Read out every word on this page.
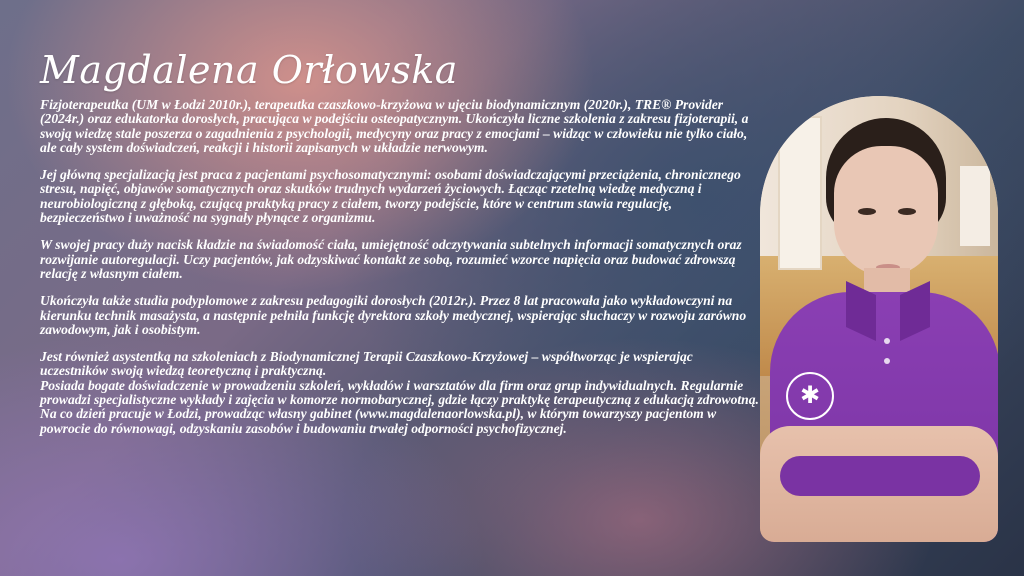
Magdalena Orłowska

Fizjoterapeutka (UM w Łodzi 2010r.), terapeutka czaszkowo-krzyżowa w ujęciu biodynamicznym (2020r.), TRE® Provider (2024r.) oraz edukatorka dorosłych, pracująca w podejściu osteopatycznym. Ukończyła liczne szkolenia z zakresu fizjoterapii, a swoją wiedzę stale poszerza o zagadnienia z psychologii, medycyny oraz pracy z emocjami – widząc w człowieku nie tylko ciało, ale cały system doświadczeń, reakcji i historii zapisanych w układzie nerwowym.

Jej główną specjalizacją jest praca z pacjentami psychosomatycznymi: osobami doświadczającymi przeciążenia, chronicznego stresu, napięć, objawów somatycznych oraz skutków trudnych wydarzeń życiowych. Łącząc rzetelną wiedzę medyczną i neurobiologiczną z głęboką, czującą praktyką pracy z ciałem, tworzy podejście, które w centrum stawia regulację, bezpieczeństwo i uważność na sygnały płynące z organizmu.

W swojej pracy duży nacisk kładzie na świadomość ciała, umiejętność odczytywania subtelnych informacji somatycznych oraz rozwijanie autoregulacji. Uczy pacjentów, jak odzyskiwać kontakt ze sobą, rozumieć wzorce napięcia oraz budować zdrowszą relację z własnym ciałem.

Ukończyła także studia podyplomowe z zakresu pedagogiki dorosłych (2012r.). Przez 8 lat pracowała jako wykładowczyni na kierunku technik masażysta, a następnie pełniła funkcję dyrektora szkoły medycznej, wspierając słuchaczy w rozwoju zarówno zawodowym, jak i osobistym.

Jest również asystentką na szkoleniach z Biodynamicznej Terapii Czaszkowo-Krzyżowej – współtworząc je wspierając uczestników swoją wiedzą teoretyczną i praktyczną.
Posiada bogate doświadczenie w prowadzeniu szkoleń, wykładów i warsztatów dla firm oraz grup indywidualnych. Regularnie prowadzi specjalistyczne wykłady i zajęcia w komorze normobarycznej, gdzie łączy praktykę terapeutyczną z edukacją zdrowotną.
Na co dzień pracuje w Łodzi, prowadząc własny gabinet (www.magdalenaorlowska.pl), w którym towarzyszy pacjentom w powrocie do równowagi, odzyskaniu zasobów i budowaniu trwałej odporności psychofizycznej.

✱
